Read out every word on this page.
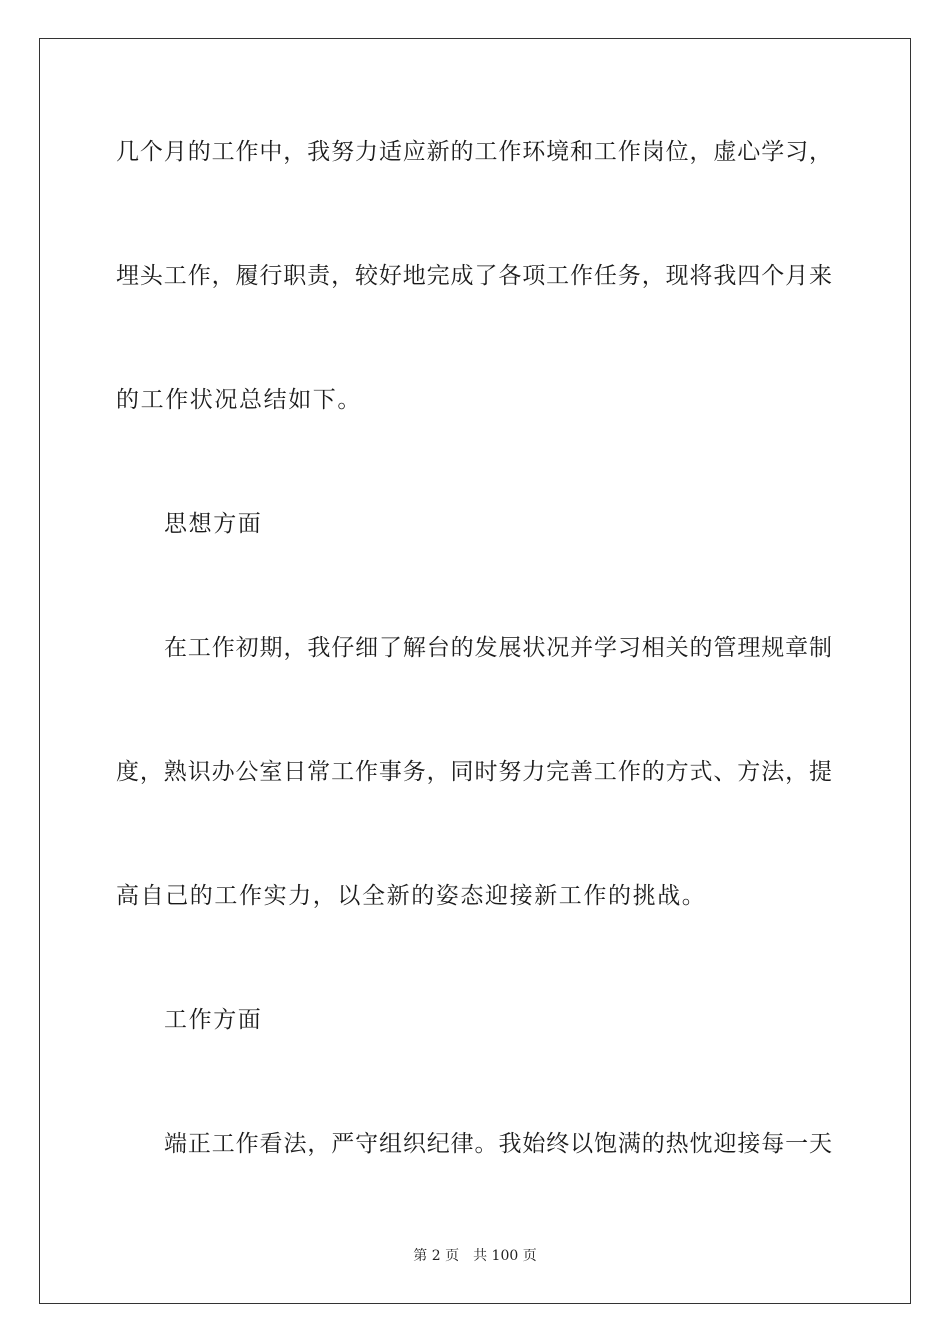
几个月的工作中，我努力适应新的工作环境和工作岗位，虚心学习，
埋头工作，履行职责，较好地完成了各项工作任务，现将我四个月来
的工作状况总结如下。
思想方面
在工作初期，我仔细了解台的发展状况并学习相关的管理规章制
度，熟识办公室日常工作事务，同时努力完善工作的方式、方法，提
高自己的工作实力，以全新的姿态迎接新工作的挑战。
工作方面
端正工作看法，严守组织纪律。我始终以饱满的热忱迎接每一天
第 2 页　共 100 页
